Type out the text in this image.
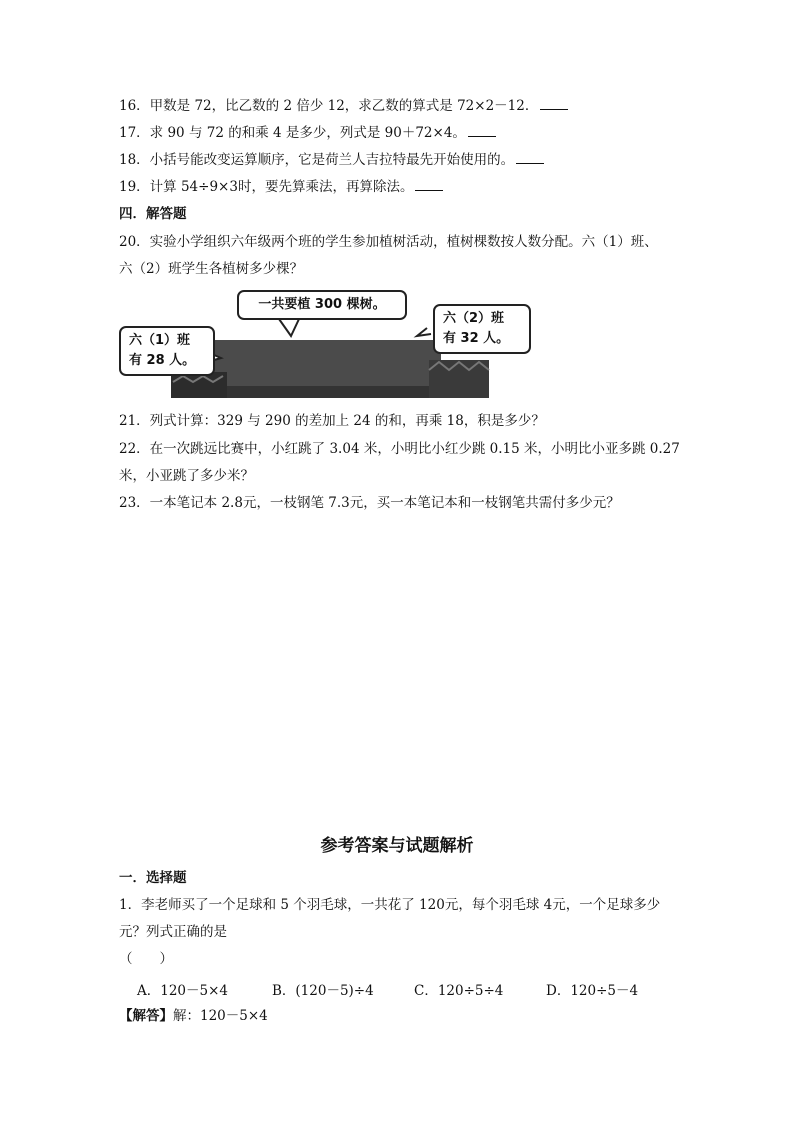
16．甲数是 72，比乙数的 2 倍少 12，求乙数的算式是 72×2－12．
17．求 90 与 72 的和乘 4 是多少，列式是 90＋72×4。
18．小括号能改变运算顺序，它是荷兰人吉拉特最先开始使用的。
19．计算 54÷9×3时，要先算乘法，再算除法。
四．解答题
20．实验小学组织六年级两个班的学生参加植树活动，植树棵数按人数分配。六（1）班、
六（2）班学生各植树多少棵？
一共要植 300 棵树。
六（1）班
有 28 人。
六（2）班
有 32 人。
21．列式计算：329 与 290 的差加上 24 的和，再乘 18，积是多少？
22．在一次跳远比赛中，小红跳了 3.04 米，小明比小红少跳 0.15 米，小明比小亚多跳 0.27
米，小亚跳了多少米？
23．一本笔记本 2.8元，一枝钢笔 7.3元，买一本笔记本和一枝钢笔共需付多少元？
参考答案与试题解析
一．选择题
1．李老师买了一个足球和 5 个羽毛球，一共花了 120元，每个羽毛球 4元，一个足球多少
元？列式正确的是
（　　）
A．120－5×4	B．(120－5)÷4	C．120÷5÷4	D．120÷5－4
【解答】解：120－5×4
